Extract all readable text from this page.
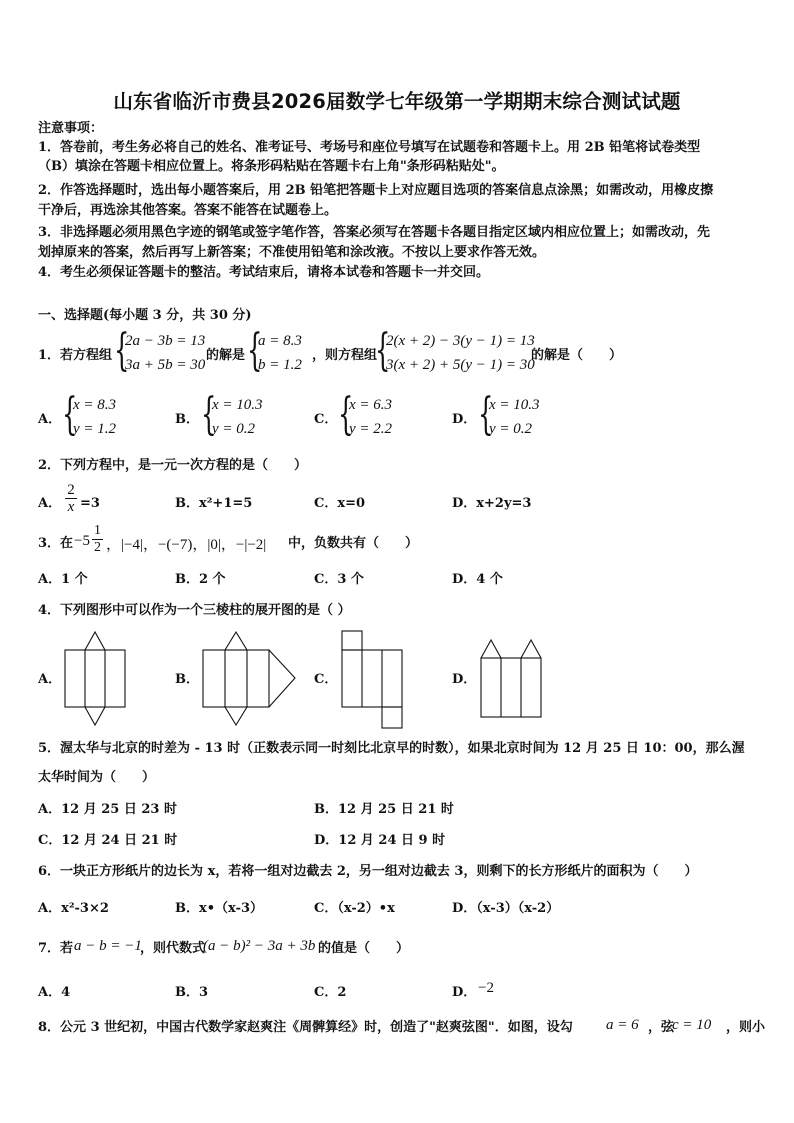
山东省临沂市费县2026届数学七年级第一学期期末综合测试试题
注意事项：
1．答卷前，考生务必将自己的姓名、准考证号、考场号和座位号填写在试题卷和答题卡上。用 2B 铅笔将试卷类型
（B）填涂在答题卡相应位置上。将条形码粘贴在答题卡右上角"条形码粘贴处"。
2．作答选择题时，选出每小题答案后，用 2B 铅笔把答题卡上对应题目选项的答案信息点涂黑；如需改动，用橡皮擦
干净后，再选涂其他答案。答案不能答在试题卷上。
3．非选择题必须用黑色字迹的钢笔或签字笔作答，答案必须写在答题卡各题目指定区域内相应位置上；如需改动，先
划掉原来的答案，然后再写上新答案；不准使用铅笔和涂改液。不按以上要求作答无效。
4．考生必须保证答题卡的整洁。考试结束后，请将本试卷和答题卡一并交回。
一、选择题(每小题 3 分，共 30 分)
1． 若方程组 {
2a − 3b = 13
3a + 5b = 30
的解是 {
a = 8.3
b = 1.2
，则方程组
{
2(x + 2) − 3(y − 1) = 13
3(x + 2) + 5(y − 1) = 30
的解是（　　）
A． {
x = 8.3
y = 1.2
B． {
x = 10.3
y = 0.2
C． {
x = 6.3
y = 2.2
D． {
x = 10.3
y = 0.2
2．下列方程中，是一元一次方程的是（　　）
A．
2
x =3	B．x²+1=5	C．x=0	D．x+2y=3
3．在 −5
1
2 ，|−4|，−(−7)，|0|，−|−2| 中，负数共有（　　）
A．1 个	B．2 个	C．3 个	D．4 个
4．下列图形中可以作为一个三棱柱的展开图的是（ ）
A．	B．	C．	D．
5．渥太华与北京的时差为 - 13 时（正数表示同一时刻比北京早的时数），如果北京时间为 12 月 25 日 10：00，那么渥
太华时间为（　　）
A．12 月 25 日 23 时	B．12 月 25 日 21 时
C．12 月 24 日 21 时	D．12 月 24 日 9 时
6．一块正方形纸片的边长为 x，若将一组对边截去 2，另一组对边截去 3，则剩下的长方形纸片的面积为（　　）
A．x²-3×2	B．x•（x-3）	C．（x-2）•x	D．（x-3）（x-2）
7．若 a − b = −1
，则代数式
(a − b)² − 3a + 3b 的值是（　　）
A．4	B．3	C．2	D． −2
8．公元 3 世纪初，中国古代数学家赵爽注《周髀算经》时，创造了"赵爽弦图"．如图，设勾 a = 6 ，弦
c = 10 ，则小
